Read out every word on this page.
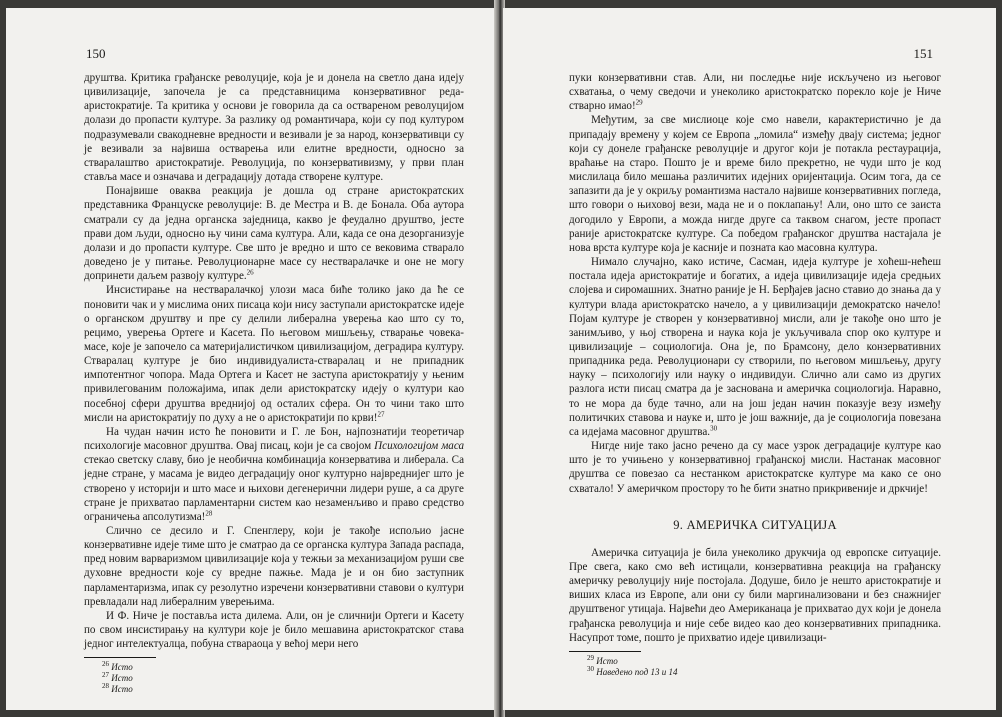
150

друштва. Критика грађанске револуције, која је и донела на светло дана идеју цивилизације, започела је са представницима конзервативног реда-аристократије. Та критика у основи је говорила да са оствареном револуцијом долази до пропасти културе. За разлику од романтичара, који су под културом подразумевали свакодневне вредности и везивали је за народ, конзервативци су је везивали за највиша остварења или елитне вредности, односно за стваралаштво аристократије. Револуција, по конзервативизму, у први план ставља масе и означава и деградацију дотада створене културе.

Понајвише оваква реакција је дошла од стране аристократских представника Француске револуције: В. де Местра и В. де Бонала. Оба аутора сматрали су да једна органска заједница, какво је феудално друштво, јесте прави дом људи, односно њу чини сама култура. Али, када се она дезорганизује долази и до пропасти културе. Све што је вредно и што се вековима стварало доведено је у питање. Револуционарне масе су нестваралачке и оне не могу допринети даљем развоју културе.$^{26}$

Инсистирање на нестваралачкој улози маса биће толико јако да ће се поновити чак и у мислима оних писаца који нису заступали аристократске идеје о органском друштву и пре су делили либерална уверења као што су то, рецимо, уверења Ортеге и Касета. По његовом мишљењу, стварање човека-масе, које је започело са материјалистичком цивилизацијом, деградира културу. Стваралац културе је био индивидуалиста-стваралац и не припадник импотентног чопора. Мада Ортега и Касет не заступа аристократију у њеним привилегованим положајима, ипак дели аристократску идеју о култури као посебној сфери друштва вредниjoj од осталих сфера. Он то чини тако што мисли на аристократију по духу а не о аристократији по крви!$^{27}$

На чудан начин исто ће поновити и Г. ле Бон, најпознатији теоретичар психологије масовног друштва. Овај писац, који је са својом Психологијом маса стекао светску славу, био је необична комбинација конзерватива и либерала. Са једне стране, у масама је видео деградацију оног културно највреднијег што је створено у историји и што масе и њихови дегенерични лидери руше, а са друге стране је прихватао парламентарни систем као незаменљиво и право средство ограничења апсолутизма!$^{28}$

Слично се десило и Г. Спенглеру, који је такође испољио јасне конзервативне идеје тиме што је сматрао да се органска култура Запада распада, пред новим варваризмом цивилизације која у тежњи за механизацијом руши све духовне вредности које су вредне пажње. Мада је и он био заступник парламентаризма, ипак су резолутно изречени конзервативни ставови о култури превладали над либералним уверењима.

И Ф. Ниче је поставља иста дилема. Али, он је сличнији Ортеги и Касету по свом инсистирању на култури које је било мешавина аристократског става једног интелектуалца, побуна ствараоца у већој мери него

$^{26}$ Исто
$^{27}$ Исто
$^{28}$ Исто
151

пуки конзервативни став. Али, ни последње није искључено из његовог схватања, о чему сведочи и унеколико аристократско порекло које је Ниче стварно имао!$^{29}$

Међутим, за све мислиоце које смо навели, карактеристично је да припадају времену у којем се Европа „ломила“ између двају система; једног који су донеле грађанске револуције и другог који је потакла рестаурација, враћање на старо. Пошто је и време било прекретно, не чуди што је код мислилаца било мешања различитих идејних оријентација. Осим тога, да се запазити да је у окриљу романтизма настало највише конзервативних погледа, што говори о њиховој вези, мада не и о поклапању! Али, оно што се заиста догодило у Европи, а можда нигде друге са таквом снагом, јесте пропаст раније аристократске културе. Са победом грађанског друштва настајала је нова врста културе која је касније и позната као масовна култура.

Нимало случајно, како истиче, Сасман, идеја културе је хоћеш-нећеш постала идеја аристократије и богатих, а идеја цивилизације идеја средњих слојева и сиромашних. Знатно раније је Н. Берђајев јасно ставио до знања да у култури влада аристократско начело, а у цивилизацији демократско начело! Појам културе је створен у конзервативној мисли, али је такође оно што је занимљиво, у њој створена и наука која је укључивала спор око културе и цивилизације – социологија. Она је, по Брамсону, дело конзервативних припадника реда. Револуционари су створили, по његовом мишљењу, другу науку – психологију или науку о индивидуи. Слично али само из других разлога исти писац сматра да је заснована и америчка социологија. Наравно, то не мора да буде тачно, али на још један начин показује везу између политичких ставова и науке и, што је још важније, да је социологија повезана са идејама масовног друштва.$^{30}$

Нигде није тако јасно речено да су масе узрок деградације културе као што је то учињено у конзервативној грађанској мисли. Настанак масовног друштва се повезао са нестанком аристократске културе ма како се оно схватало! У америчком простору то ће бити знатно прикривеније и дркчије!

9. АМЕРИЧКА СИТУАЦИЈА

Америчка ситуација је била унеколико друкчија од европске ситуације. Пре свега, како смо већ истицали, конзервативна реакција на грађанску америчку револуцију није постојала. Додуше, било је нешто аристократије и виших класа из Европе, али они су били маргинализовани и без снажнијег друштвеног утицаја. Највећи део Американаца је прихватао дух који је донела грађанска револуција и није себе видео као део конзервативних припадника. Насупрот томе, пошто је прихватио идеје цивилизаци-

$^{29}$ Исто
$^{30}$ Наведено под 13 и 14
